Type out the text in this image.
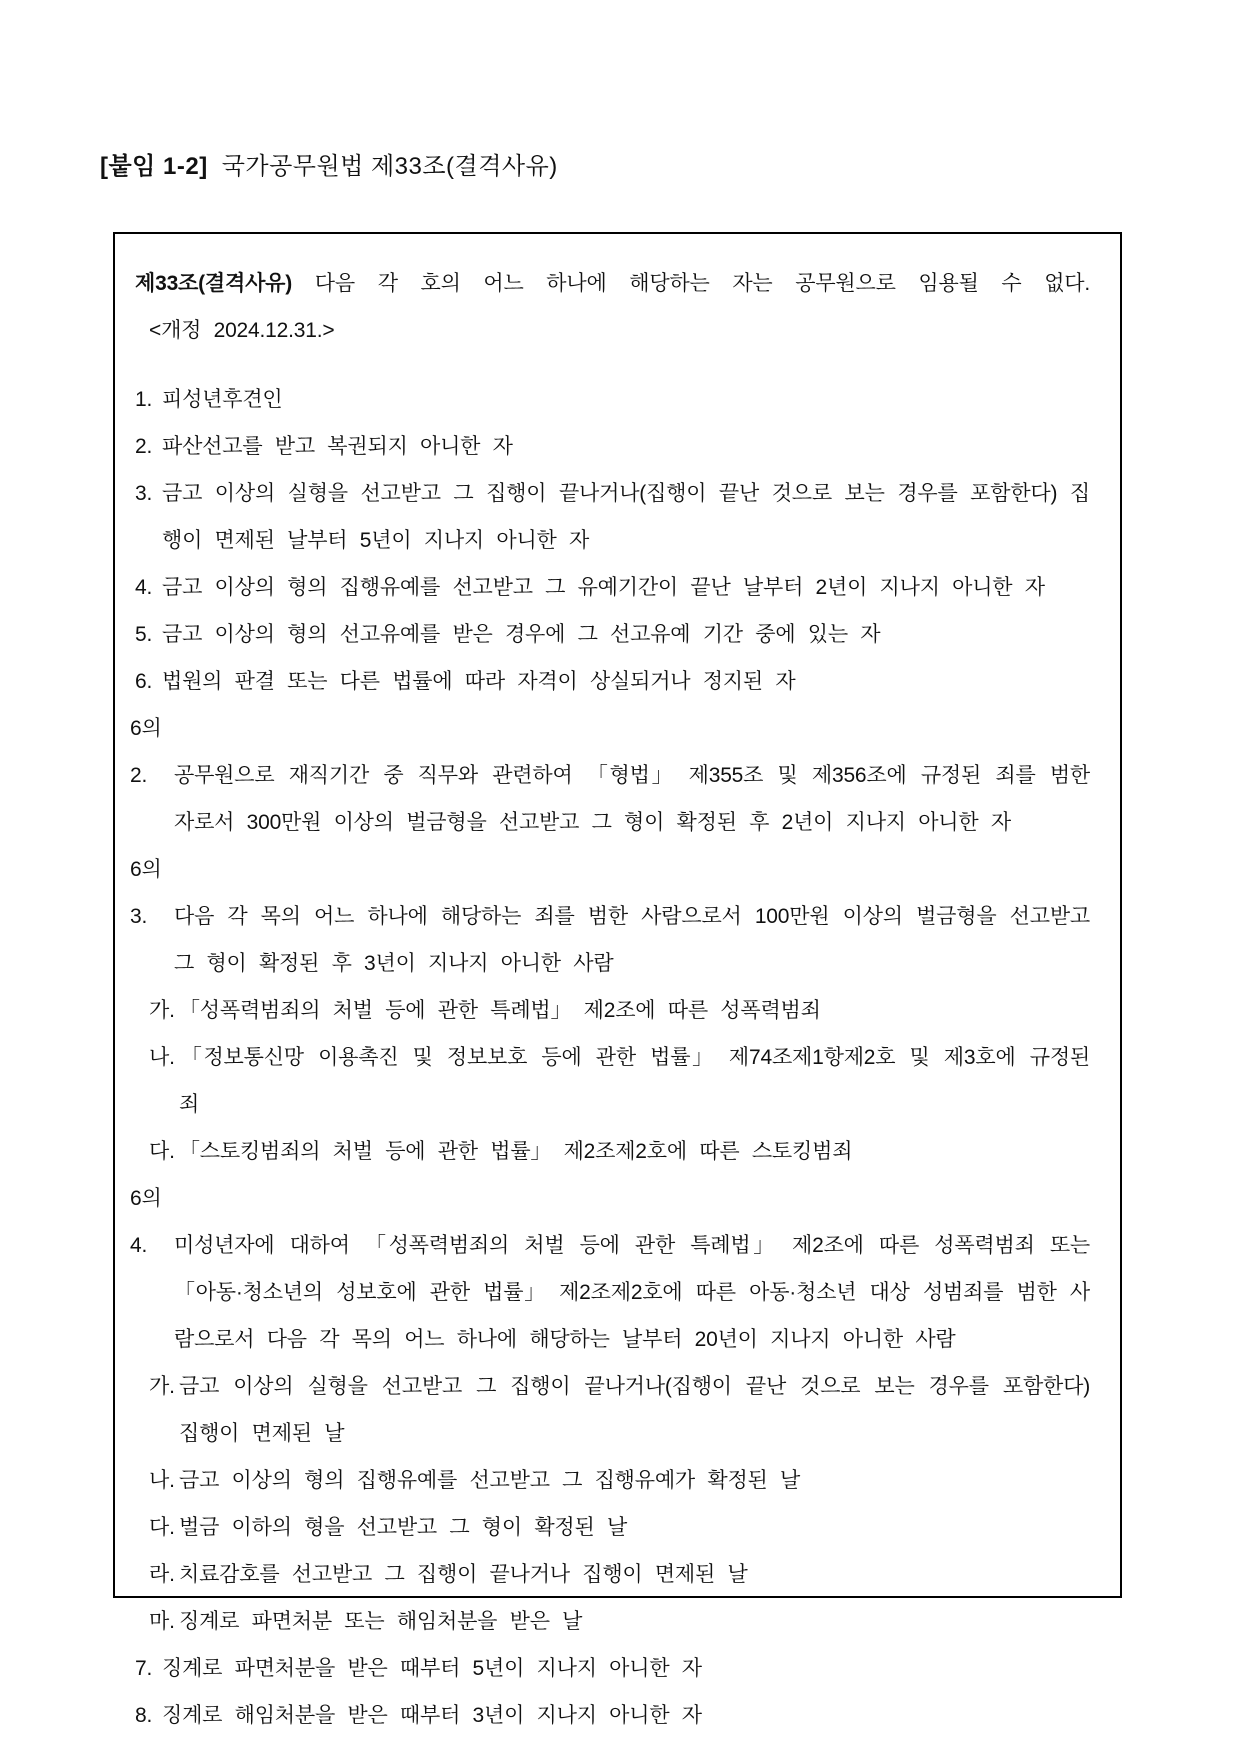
[붙임 1-2] 국가공무원법 제33조(결격사유)

제33조(결격사유) 다음 각 호의 어느 하나에 해당하는 자는 공무원으로 임용될 수 없다.

<개정 2024.12.31.>

1. 피성년후견인

2. 파산선고를 받고 복권되지 아니한 자

3. 금고 이상의 실형을 선고받고 그 집행이 끝나거나(집행이 끝난 것으로 보는 경우를 포함한다) 집행이 면제된 날부터 5년이 지나지 아니한 자

4. 금고 이상의 형의 집행유예를 선고받고 그 유예기간이 끝난 날부터 2년이 지나지 아니한 자

5. 금고 이상의 형의 선고유예를 받은 경우에 그 선고유예 기간 중에 있는 자

6. 법원의 판결 또는 다른 법률에 따라 자격이 상실되거나 정지된 자

6의2. 공무원으로 재직기간 중 직무와 관련하여 「형법」 제355조 및 제356조에 규정된 죄를 범한 자로서 300만원 이상의 벌금형을 선고받고 그 형이 확정된 후 2년이 지나지 아니한 자

6의3. 다음 각 목의 어느 하나에 해당하는 죄를 범한 사람으로서 100만원 이상의 벌금형을 선고받고 그 형이 확정된 후 3년이 지나지 아니한 사람

가. 「성폭력범죄의 처벌 등에 관한 특례법」 제2조에 따른 성폭력범죄

나. 「정보통신망 이용촉진 및 정보보호 등에 관한 법률」 제74조제1항제2호 및 제3호에 규정된 죄

다. 「스토킹범죄의 처벌 등에 관한 법률」 제2조제2호에 따른 스토킹범죄

6의4. 미성년자에 대하여 「성폭력범죄의 처벌 등에 관한 특례법」 제2조에 따른 성폭력범죄 또는 「아동·청소년의 성보호에 관한 법률」 제2조제2호에 따른 아동·청소년 대상 성범죄를 범한 사람으로서 다음 각 목의 어느 하나에 해당하는 날부터 20년이 지나지 아니한 사람

가. 금고 이상의 실형을 선고받고 그 집행이 끝나거나(집행이 끝난 것으로 보는 경우를 포함한다) 집행이 면제된 날

나. 금고 이상의 형의 집행유예를 선고받고 그 집행유예가 확정된 날

다. 벌금 이하의 형을 선고받고 그 형이 확정된 날

라. 치료감호를 선고받고 그 집행이 끝나거나 집행이 면제된 날

마. 징계로 파면처분 또는 해임처분을 받은 날

7. 징계로 파면처분을 받은 때부터 5년이 지나지 아니한 자

8. 징계로 해임처분을 받은 때부터 3년이 지나지 아니한 자
